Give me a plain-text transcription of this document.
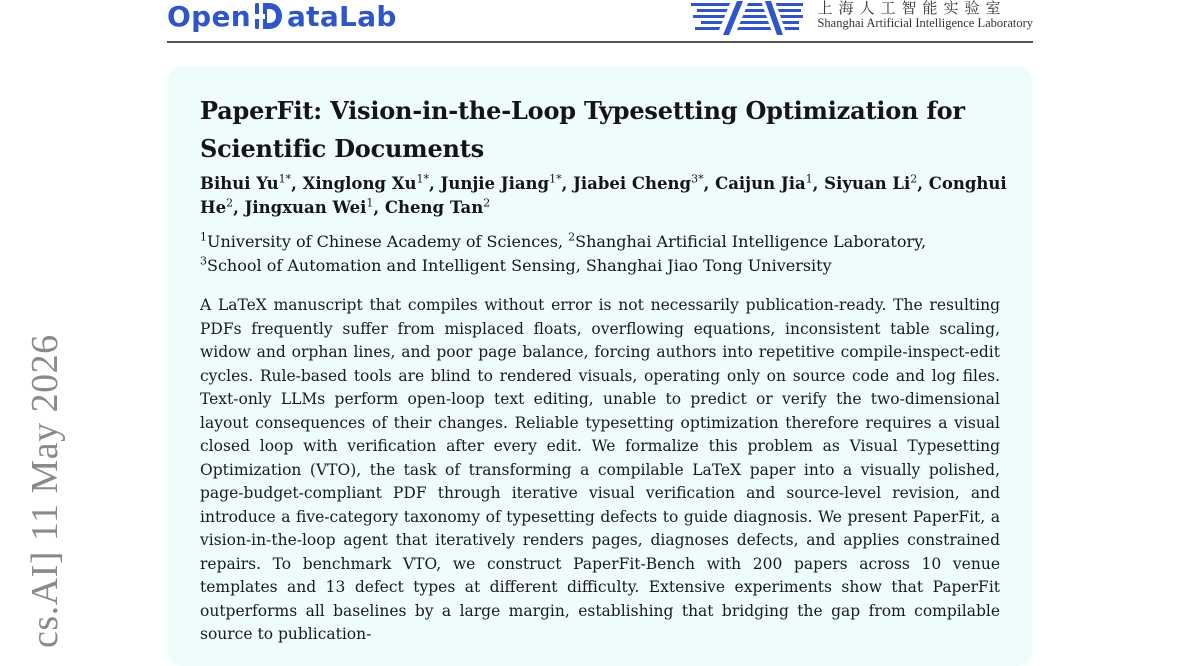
Open ataLab	上海人工智能实验室
Shanghai Artificial Intelligence Laboratory
cs.AI] 11 May 2026
PaperFit: Vision-in-the-Loop Typesetting Optimization for Scientific Documents
Bihui $Yu^{1*}$, Xinglong $Xu^{1*}$, Junjie Jiang$^{1*}$, Jiabei Cheng$^{3*}$, Caijun Jia$^1$, Siyuan Li$^2$, Conghui He$^2$, Jingxuan Wei$^1$, Cheng Tan$^2$
$^1$University of Chinese Academy of Sciences, $^2$Shanghai Artificial Intelligence Laboratory,
$^3$School of Automation and Intelligent Sensing, Shanghai Jiao Tong University

A LaTeX manuscript that compiles without error is not necessarily publication-ready. The resulting PDFs frequently suffer from misplaced floats, overflowing equations, inconsistent table scaling, widow and orphan lines, and poor page balance, forcing authors into repetitive compile-inspect-edit cycles. Rule-based tools are blind to rendered visuals, operating only on source code and log files. Text-only LLMs perform open-loop text editing, unable to predict or verify the two-dimensional layout consequences of their changes. Reliable typesetting optimization therefore requires a visual closed loop with verification after every edit. We formalize this problem as Visual Typesetting Optimization (VTO), the task of transforming a compilable LaTeX paper into a visually polished, page-budget-compliant PDF through iterative visual verification and source-level revision, and introduce a five-category taxonomy of typesetting defects to guide diagnosis. We present PaperFit, a vision-in-the-loop agent that iteratively renders pages, diagnoses defects, and applies constrained repairs. To benchmark VTO, we construct PaperFit-Bench with 200 papers across 10 venue templates and 13 defect types at different difficulty. Extensive experiments show that PaperFit outperforms all baselines by a large margin, establishing that bridging the gap from compilable source to publication-
